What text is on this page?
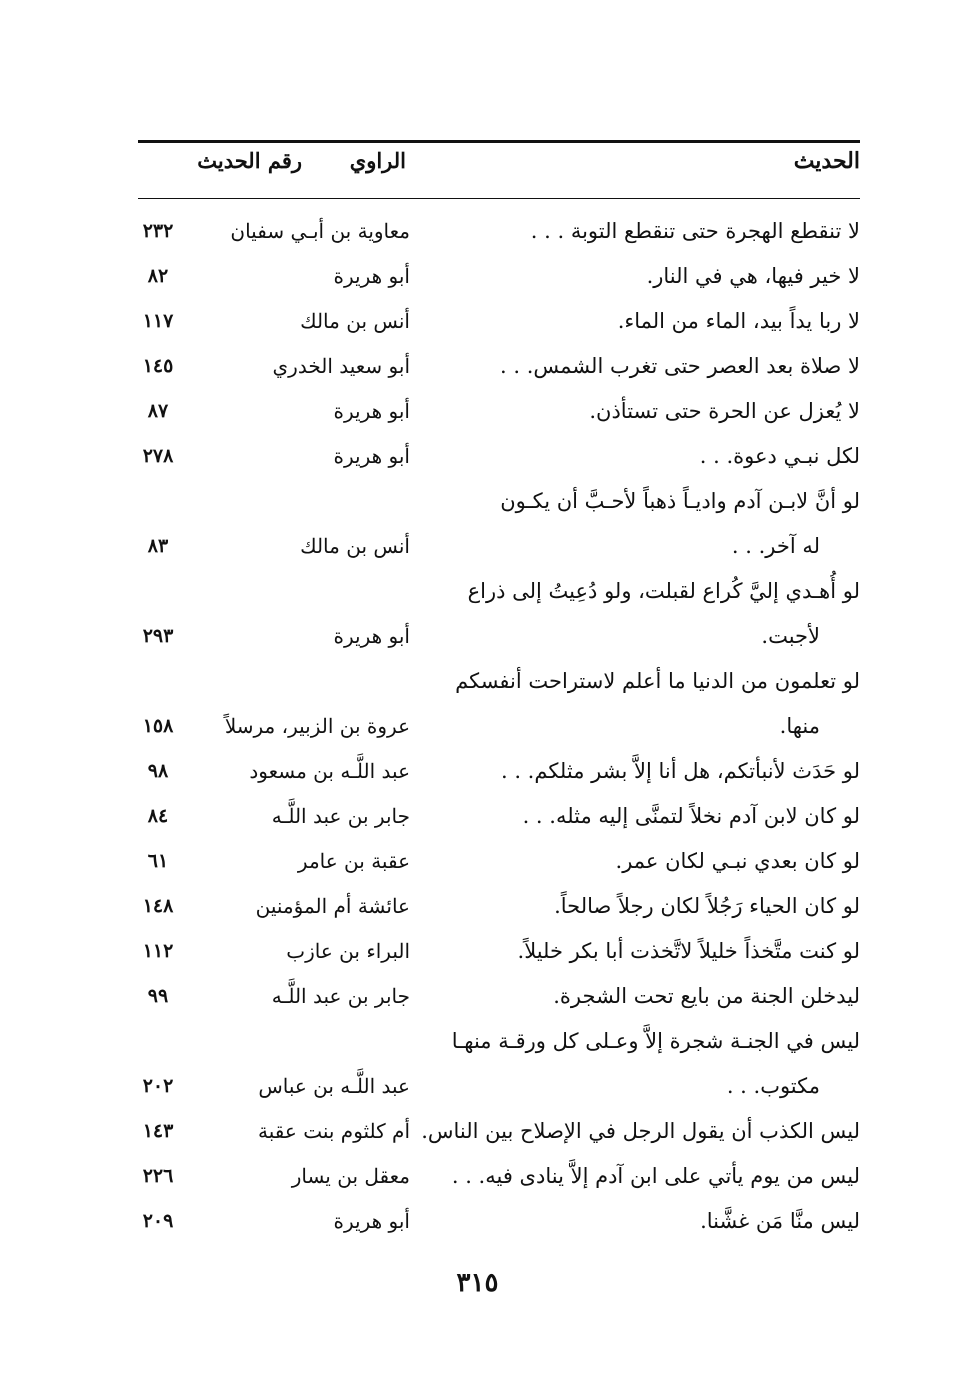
الحديث
الراوي
رقم الحديث
لا تنقطع الهجرة حتى تنقطع التوبة . . .
معاوية بن أبـي سفيان
٢٣٢
لا خير فيها، هي في النار.
أبو هريرة
٨٢
لا ربا يداً بيد، الماء من الماء.
أنس بن مالك
١١٧
لا صلاة بعد العصر حتى تغرب الشمس. . .
أبو سعيد الخدري
١٤٥
لا يُعزل عن الحرة حتى تستأذن.
أبو هريرة
٨٧
لكل نبـي دعوة. . .
أبو هريرة
٢٧٨
لو أنَّ لابـن آدم واديـاً ذهباً لأحـبَّ أن يكـون
له آخر. . .
أنس بن مالك
٨٣
لو أُهـدي إليَّ كُراع لقبلت، ولو دُعِيتُ إلى ذراع
لأجبت.
أبو هريرة
٢٩٣
لو تعلمون من الدنيا ما أعلم لاستراحت أنفسكم
منها.
عروة بن الزبير، مرسلاً
١٥٨
لو حَدَث لأنبأتكم، هل أنا إلاَّ بشر مثلكم. . .
عبد اللَّـه بن مسعود
٩٨
لو كان لابن آدم نخلاً لتمنَّى إليه مثله. . .
جابر بن عبد اللَّـه
٨٤
لو كان بعدي نبـي لكان عمر.
عقبة بن عامر
٦١
لو كان الحياء رَجُلاً لكان رجلاً صالحاً.
عائشة أم المؤمنين
١٤٨
لو كنت متَّخذاً خليلاً لاتَّخذت أبا بكر خليلاً.
البراء بن عازب
١١٢
ليدخلن الجنة من بايع تحت الشجرة.
جابر بن عبد اللَّـه
٩٩
ليس في الجنـة شجرة إلاَّ وعـلى كل ورقـة منهـا
مكتوب. . .
عبد اللَّـه بن عباس
٢٠٢
ليس الكذب أن يقول الرجل في الإصلاح بين الناس.
أم كلثوم بنت عقبة
١٤٣
ليس من يوم يأتي على ابن آدم إلاَّ ينادى فيه. . .
معقل بن يسار
٢٢٦
ليس منَّا مَن غشَّنا.
أبو هريرة
٢٠٩
٣١٥
